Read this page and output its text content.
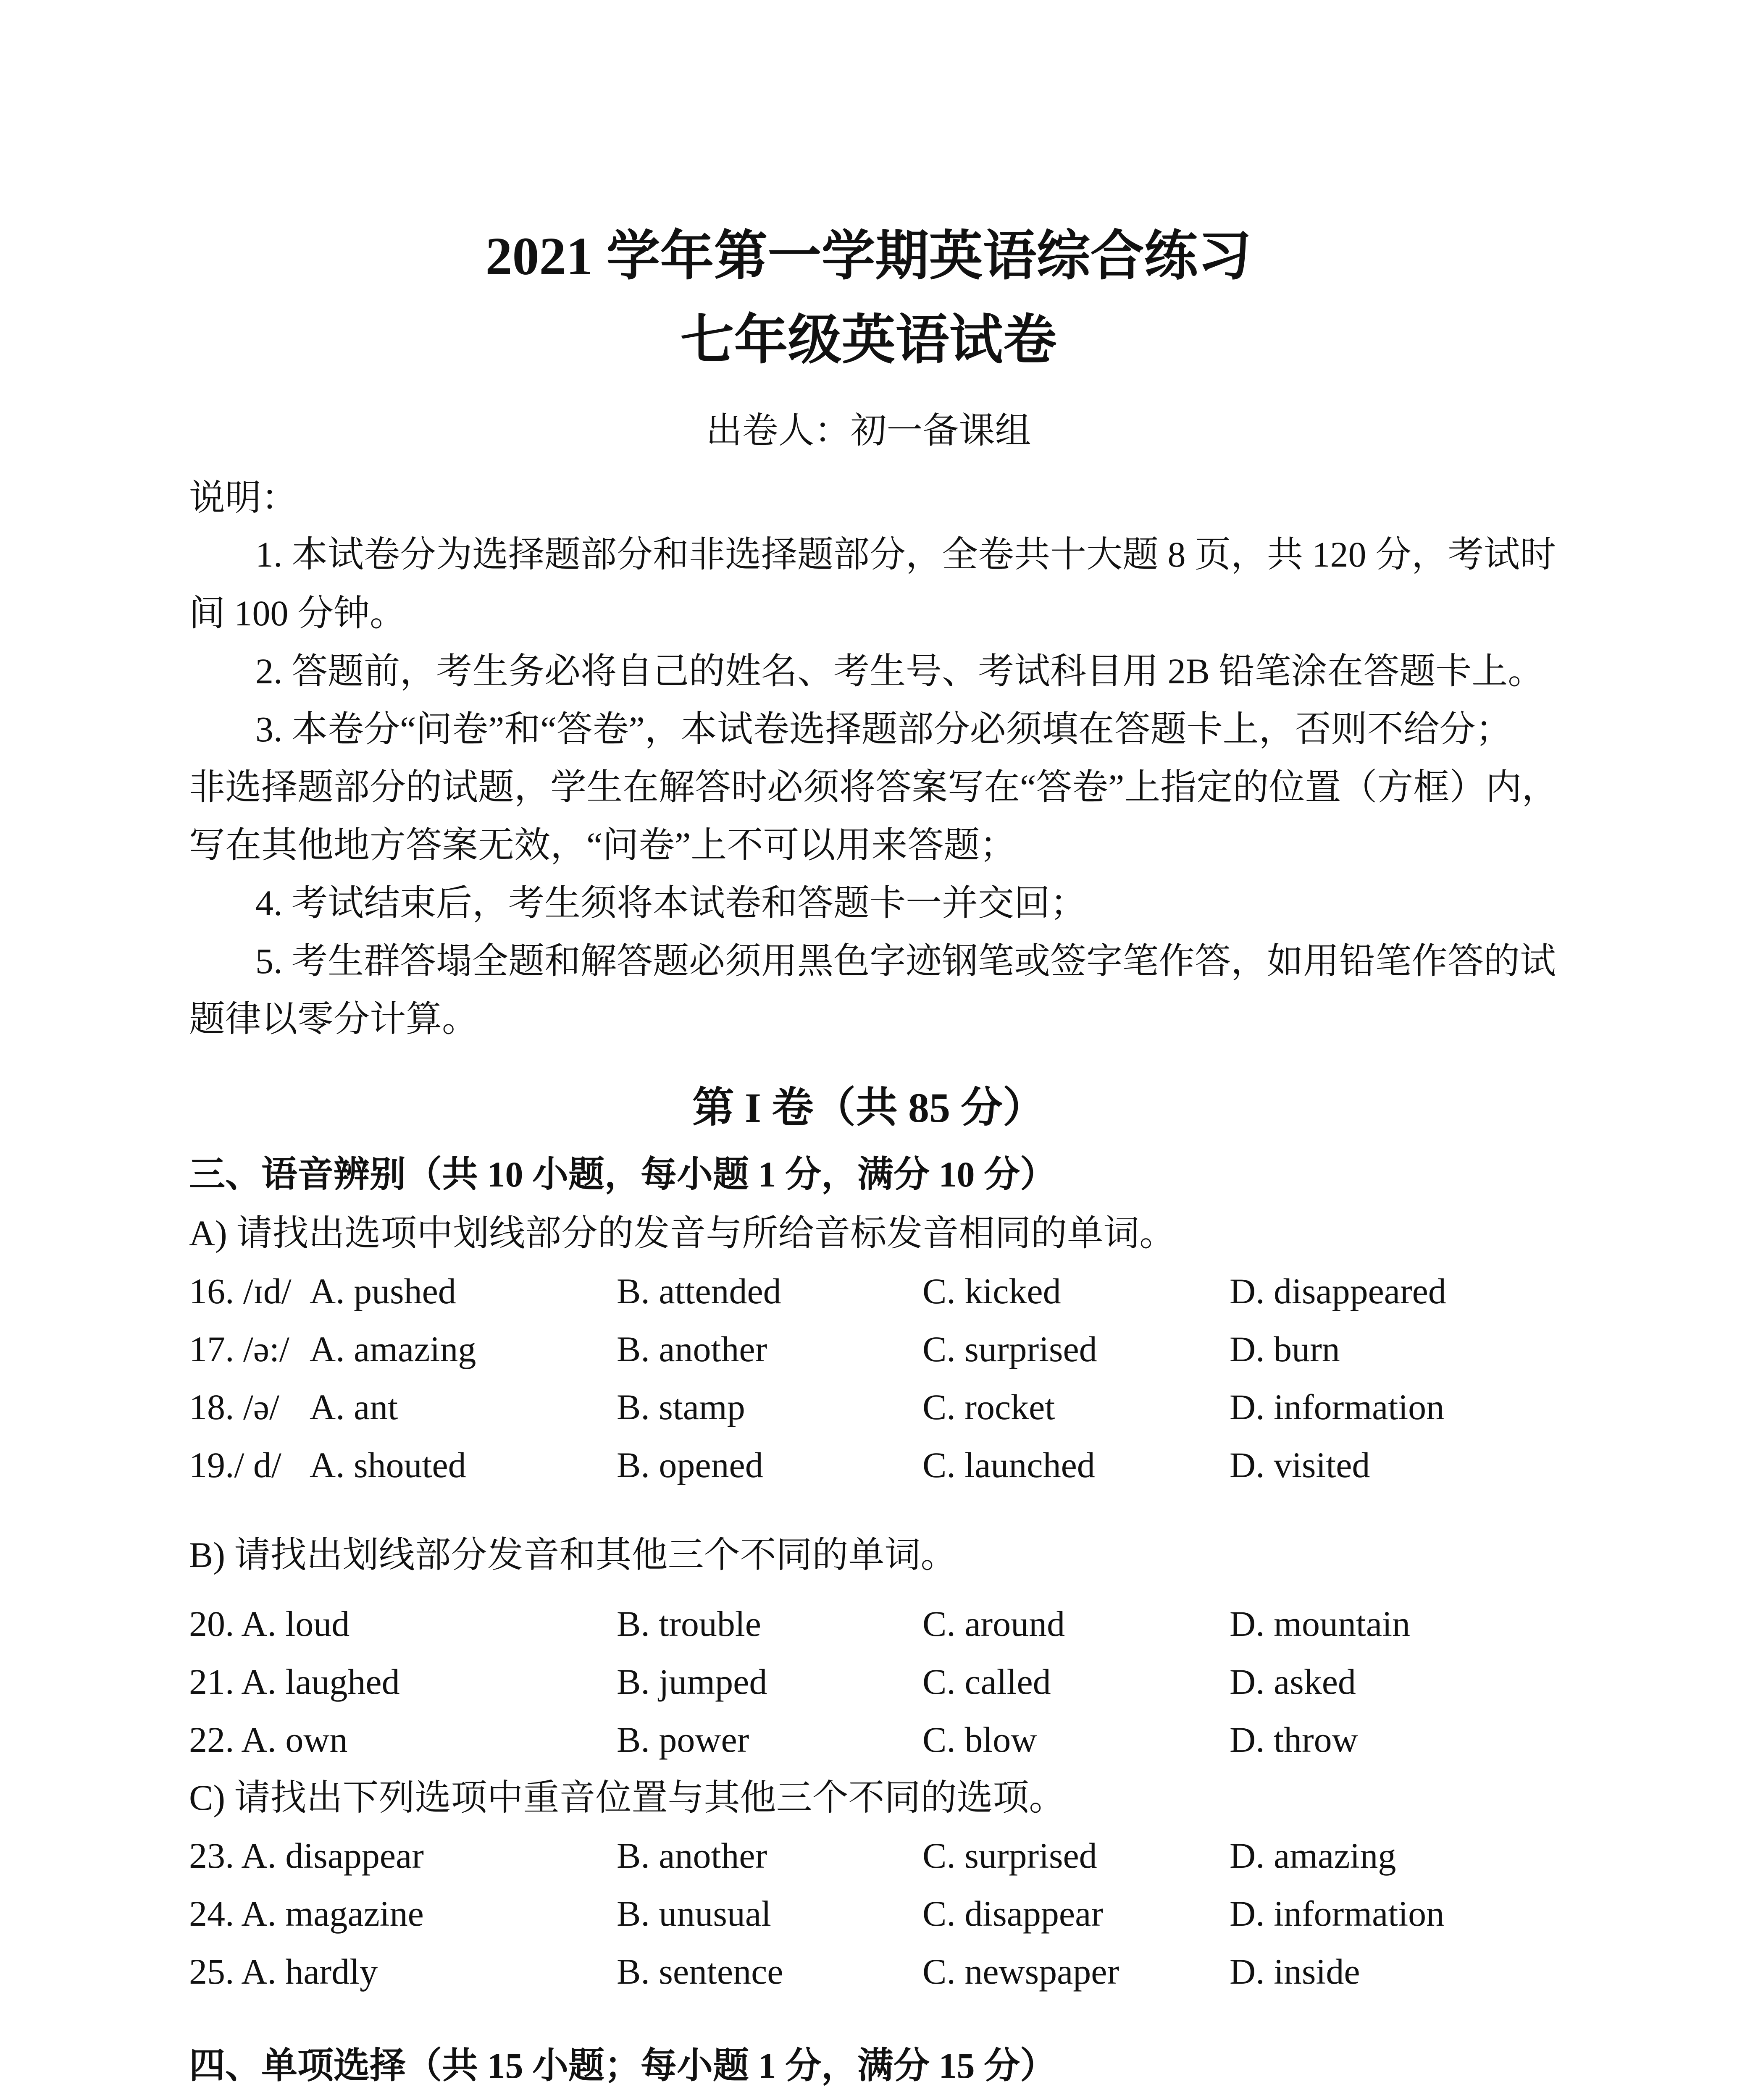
2021 学年第一学期英语综合练习
七年级英语试卷
出卷人：初一备课组
说明：
1. 本试卷分为选择题部分和非选择题部分，全卷共十大题 8 页，共 120 分，考试时
间 100 分钟。
2. 答题前，考生务必将自己的姓名、考生号、考试科目用 2B 铅笔涂在答题卡上。
3. 本卷分“问卷”和“答卷”，本试卷选择题部分必须填在答题卡上，否则不给分；
非选择题部分的试题，学生在解答时必须将答案写在“答卷”上指定的位置（方框）内，
写在其他地方答案无效，“问卷”上不可以用来答题；
4. 考试结束后，考生须将本试卷和答题卡一并交回；
5. 考生群答塌全题和解答题必须用黑色字迹钢笔或签字笔作答，如用铅笔作答的试
题律以零分计算。
第 I 卷（共 85 分）
三、语音辨别（共 10 小题，每小题 1 分，满分 10 分）
A) 请找出选项中划线部分的发音与所给音标发音相同的单词。
16. /ɪd/ A. pushed	B. attended	C. kicked	D. disappeared
17. /ə:/ A. amazing	B. another	C. surprised	D. burn
18. /ə/ A. ant	B. stamp	C. rocket	D. information
19./ d/ A. shouted	B. opened	C. launched	D. visited
B) 请找出划线部分发音和其他三个不同的单词。
20. A. loud	B. trouble	C. around	D. mountain
21. A. laughed	B. jumped	C. called	D. asked
22. A. own	B. power	C. blow	D. throw
C) 请找出下列选项中重音位置与其他三个不同的选项。
23. A. disappear	B. another	C. surprised	D. amazing
24. A. magazine	B. unusual	C. disappear	D. information
25. A. hardly	B. sentence	C. newspaper	D. inside
四、单项选择（共 15 小题；每小题 1 分，满分 15 分）
